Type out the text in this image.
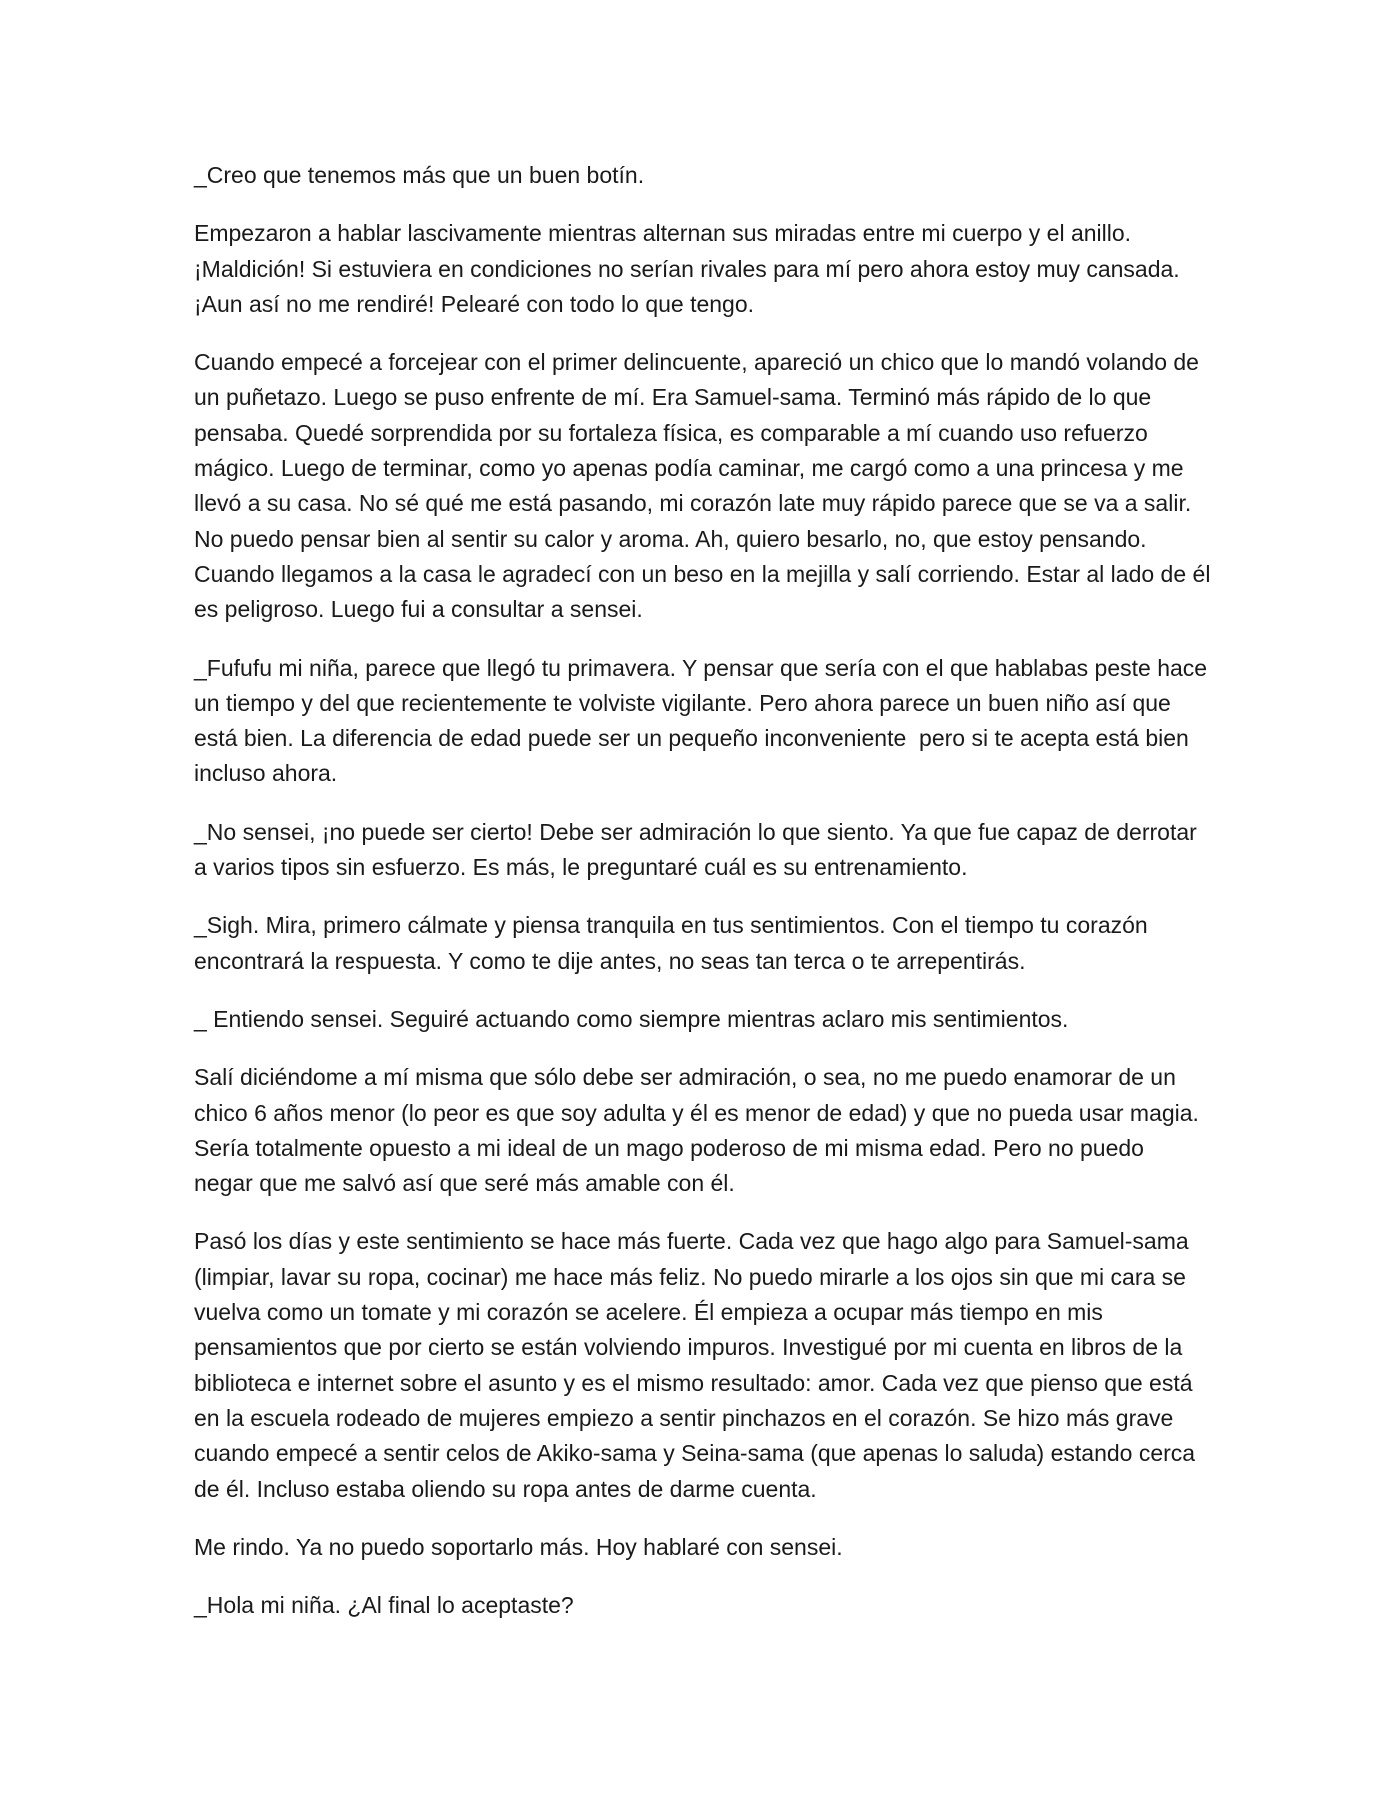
_Creo que tenemos más que un buen botín.

Empezaron a hablar lascivamente mientras alternan sus miradas entre mi cuerpo y el anillo.
¡Maldición! Si estuviera en condiciones no serían rivales para mí pero ahora estoy muy cansada.
¡Aun así no me rendiré! Pelearé con todo lo que tengo.

Cuando empecé a forcejear con el primer delincuente, apareció un chico que lo mandó volando de
un puñetazo. Luego se puso enfrente de mí. Era Samuel-sama. Terminó más rápido de lo que
pensaba. Quedé sorprendida por su fortaleza física, es comparable a mí cuando uso refuerzo
mágico. Luego de terminar, como yo apenas podía caminar, me cargó como a una princesa y me
llevó a su casa. No sé qué me está pasando, mi corazón late muy rápido parece que se va a salir.
No puedo pensar bien al sentir su calor y aroma. Ah, quiero besarlo, no, que estoy pensando.
Cuando llegamos a la casa le agradecí con un beso en la mejilla y salí corriendo. Estar al lado de él
es peligroso. Luego fui a consultar a sensei.

_Fufufu mi niña, parece que llegó tu primavera. Y pensar que sería con el que hablabas peste hace
un tiempo y del que recientemente te volviste vigilante. Pero ahora parece un buen niño así que
está bien. La diferencia de edad puede ser un pequeño inconveniente  pero si te acepta está bien
incluso ahora.

_No sensei, ¡no puede ser cierto! Debe ser admiración lo que siento. Ya que fue capaz de derrotar
a varios tipos sin esfuerzo. Es más, le preguntaré cuál es su entrenamiento.

_Sigh. Mira, primero cálmate y piensa tranquila en tus sentimientos. Con el tiempo tu corazón
encontrará la respuesta. Y como te dije antes, no seas tan terca o te arrepentirás.

_ Entiendo sensei. Seguiré actuando como siempre mientras aclaro mis sentimientos.

Salí diciéndome a mí misma que sólo debe ser admiración, o sea, no me puedo enamorar de un
chico 6 años menor (lo peor es que soy adulta y él es menor de edad) y que no pueda usar magia.
Sería totalmente opuesto a mi ideal de un mago poderoso de mi misma edad. Pero no puedo
negar que me salvó así que seré más amable con él.

Pasó los días y este sentimiento se hace más fuerte. Cada vez que hago algo para Samuel-sama
(limpiar, lavar su ropa, cocinar) me hace más feliz. No puedo mirarle a los ojos sin que mi cara se
vuelva como un tomate y mi corazón se acelere. Él empieza a ocupar más tiempo en mis
pensamientos que por cierto se están volviendo impuros. Investigué por mi cuenta en libros de la
biblioteca e internet sobre el asunto y es el mismo resultado: amor. Cada vez que pienso que está
en la escuela rodeado de mujeres empiezo a sentir pinchazos en el corazón. Se hizo más grave
cuando empecé a sentir celos de Akiko-sama y Seina-sama (que apenas lo saluda) estando cerca
de él. Incluso estaba oliendo su ropa antes de darme cuenta.

Me rindo. Ya no puedo soportarlo más. Hoy hablaré con sensei.

_Hola mi niña. ¿Al final lo aceptaste?
